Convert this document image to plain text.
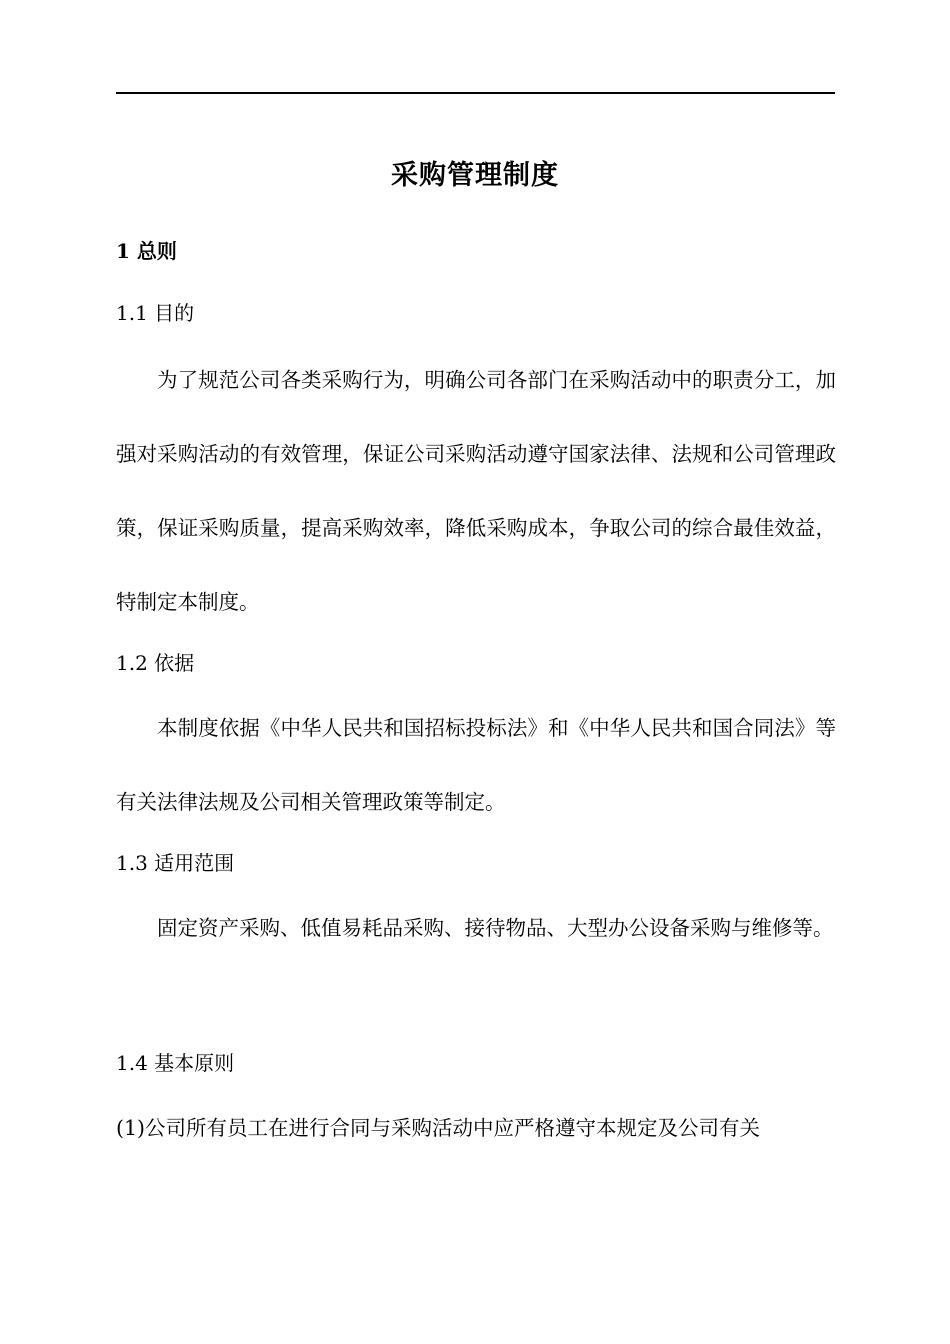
采购管理制度
1 总则
1.1 目的
为了规范公司各类采购行为，明确公司各部门在采购活动中的职责分工，加强对采购活动的有效管理，保证公司采购活动遵守国家法律、法规和公司管理政策，保证采购质量，提高采购效率，降低采购成本，争取公司的综合最佳效益，特制定本制度。
1.2 依据
本制度依据《中华人民共和国招标投标法》和《中华人民共和国合同法》等有关法律法规及公司相关管理政策等制定。
1.3 适用范围
固定资产采购、低值易耗品采购、接待物品、大型办公设备采购与维修等。
1.4 基本原则
(1)公司所有员工在进行合同与采购活动中应严格遵守本规定及公司有关
